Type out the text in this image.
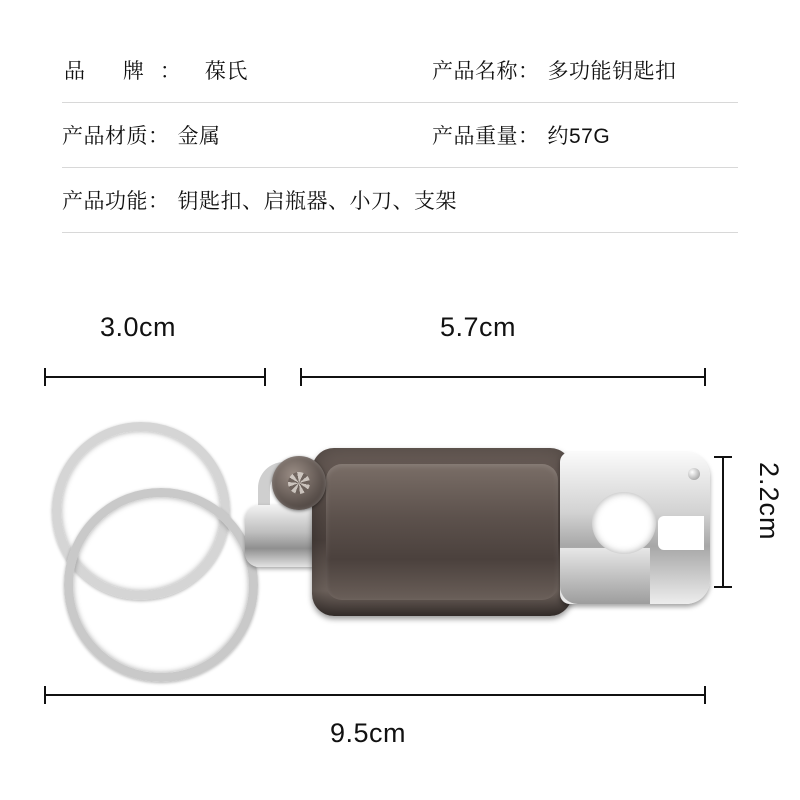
品 牌： 葆氏	产品名称： 多功能钥匙扣
产品材质： 金属	产品重量： 约57G
产品功能： 钥匙扣、启瓶器、小刀、支架
3.0cm	5.7cm
9.5cm
2.2cm
